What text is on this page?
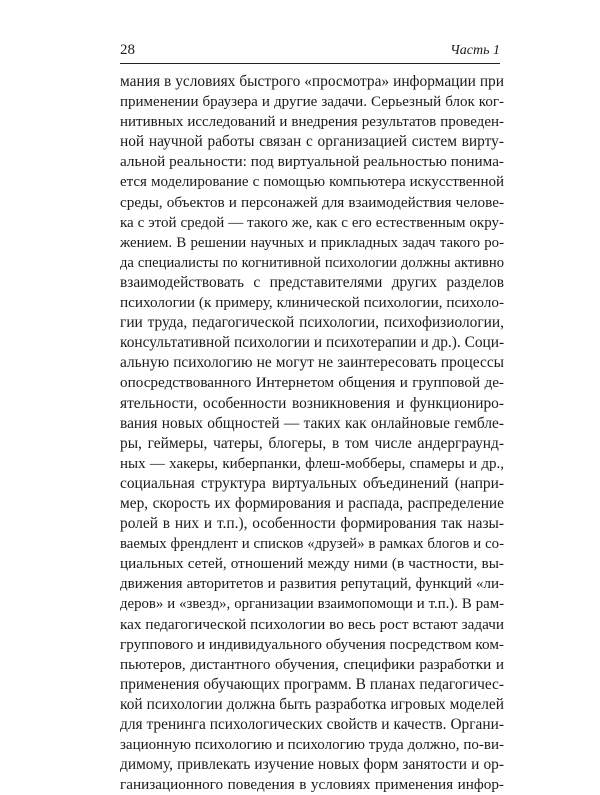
28	Часть 1
мания в условиях быстрого «просмотра» информации при
применении браузера и другие задачи. Серьезный блок ког-
нитивных исследований и внедрения результатов проведен-
ной научной работы связан с организацией систем вирту-
альной реальности: под виртуальной реальностью понима-
ется моделирование с помощью компьютера искусственной
среды, объектов и персонажей для взаимодействия челове-
ка с этой средой — такого же, как с его естественным окру-
жением. В решении научных и прикладных задач такого ро-
да специалисты по когнитивной психологии должны активно
взаимодействовать с представителями других разделов
психологии (к примеру, клинической психологии, психоло-
гии труда, педагогической психологии, психофизиологии,
консультативной психологии и психотерапии и др.). Соци-
альную психологию не могут не заинтересовать процессы
опосредствованного Интернетом общения и групповой де-
ятельности, особенности возникновения и функциониро-
вания новых общностей — таких как онлайновые гембле-
ры, геймеры, чатеры, блогеры, в том числе андерграунд-
ных — хакеры, киберпанки, флеш-мобберы, спамеры и др.,
социальная структура виртуальных объединений (напри-
мер, скорость их формирования и распада, распределение
ролей в них и т.п.), особенности формирования так назы-
ваемых френдлент и списков «друзей» в рамках блогов и со-
циальных сетей, отношений между ними (в частности, вы-
движения авторитетов и развития репутаций, функций «ли-
деров» и «звезд», организации взаимопомощи и т.п.). В рам-
ках педагогической психологии во весь рост встают задачи
группового и индивидуального обучения посредством ком-
пьютеров, дистантного обучения, специфики разработки и
применения обучающих программ. В планах педагогичес-
кой психологии должна быть разработка игровых моделей
для тренинга психологических свойств и качеств. Органи-
зационную психологию и психологию труда должно, по-ви-
димому, привлекать изучение новых форм занятости и ор-
ганизационного поведения в условиях применения инфор-
